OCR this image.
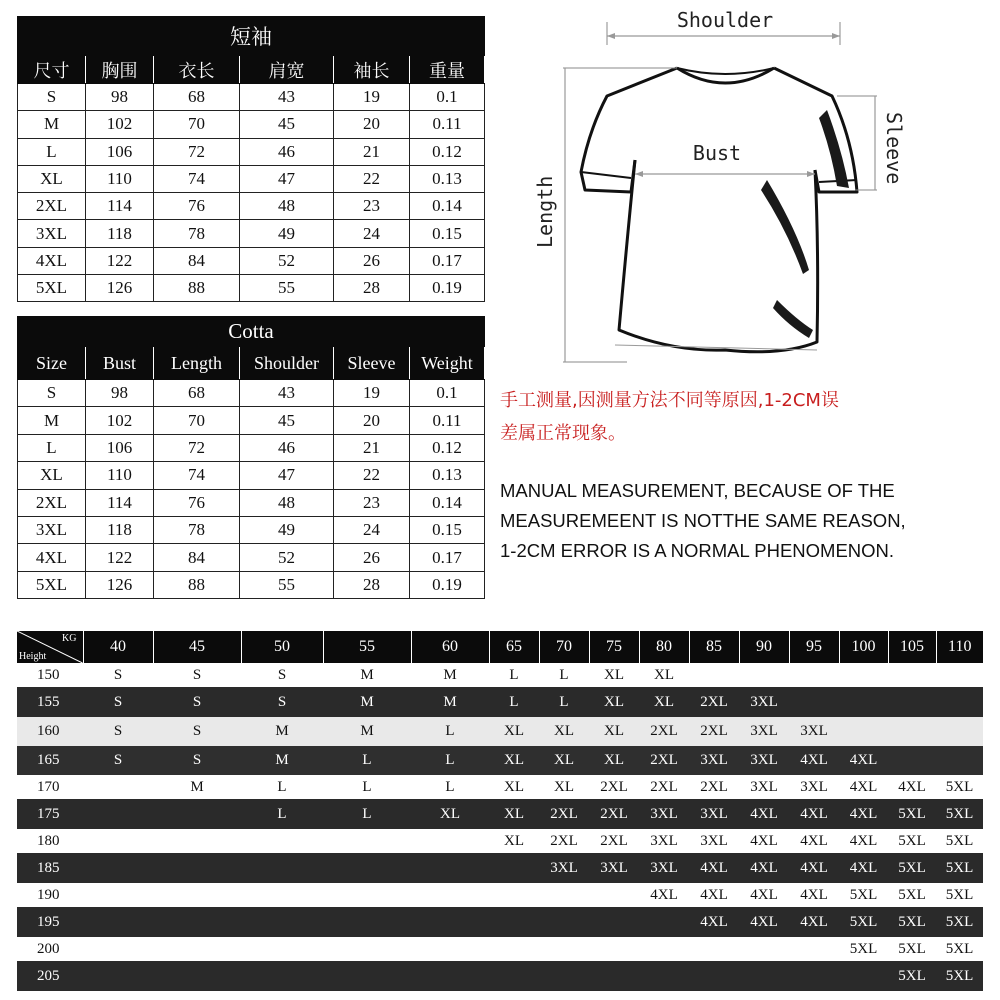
短袖					
尺寸	胸围	衣长	肩宽	袖长	重量
S	98	68	43	19	0.1
M	102	70	45	20	0.11
L	106	72	46	21	0.12
XL	110	74	47	22	0.13
2XL	114	76	48	23	0.14
3XL	118	78	49	24	0.15
4XL	122	84	52	26	0.17
5XL	126	88	55	28	0.19
Cotta					
Size	Bust	Length	Shoulder	Sleeve	Weight
S	98	68	43	19	0.1
M	102	70	45	20	0.11
L	106	72	46	21	0.12
XL	110	74	47	22	0.13
2XL	114	76	48	23	0.14
3XL	118	78	49	24	0.15
4XL	122	84	52	26	0.17
5XL	126	88	55	28	0.19
Shoulder
Bust	Sleeve
Length
手工测量,因测量方法不同等原因,1-2CM误
差属正常现象。
MANUAL MEASUREMENT, BECAUSE OF THE
MEASUREMEENT IS NOTTHE SAME REASON,
1-2CM ERROR IS A NORMAL PHENOMENON.
KG
Height	40	45	50	55	60	65	70	75	80	85	90	95	100	105	110
150	S	S	S	M	M	L	L	XL	XL						
155	S	S	S	M	M	L	L	XL	XL	2XL	3XL				
160	S	S	M	M	L	XL	XL	XL	2XL	2XL	3XL	3XL			
165	S	S	M	L	L	XL	XL	XL	2XL	3XL	3XL	4XL	4XL		
170		M	L	L	L	XL	XL	2XL	2XL	2XL	3XL	3XL	4XL	4XL	5XL
175			L	L	XL	XL	2XL	2XL	3XL	3XL	4XL	4XL	4XL	5XL	5XL
180						XL	2XL	2XL	3XL	3XL	4XL	4XL	4XL	5XL	5XL
185							3XL	3XL	3XL	4XL	4XL	4XL	4XL	5XL	5XL
190									4XL	4XL	4XL	4XL	5XL	5XL	5XL
195										4XL	4XL	4XL	5XL	5XL	5XL
200													5XL	5XL	5XL
205														5XL	5XL
